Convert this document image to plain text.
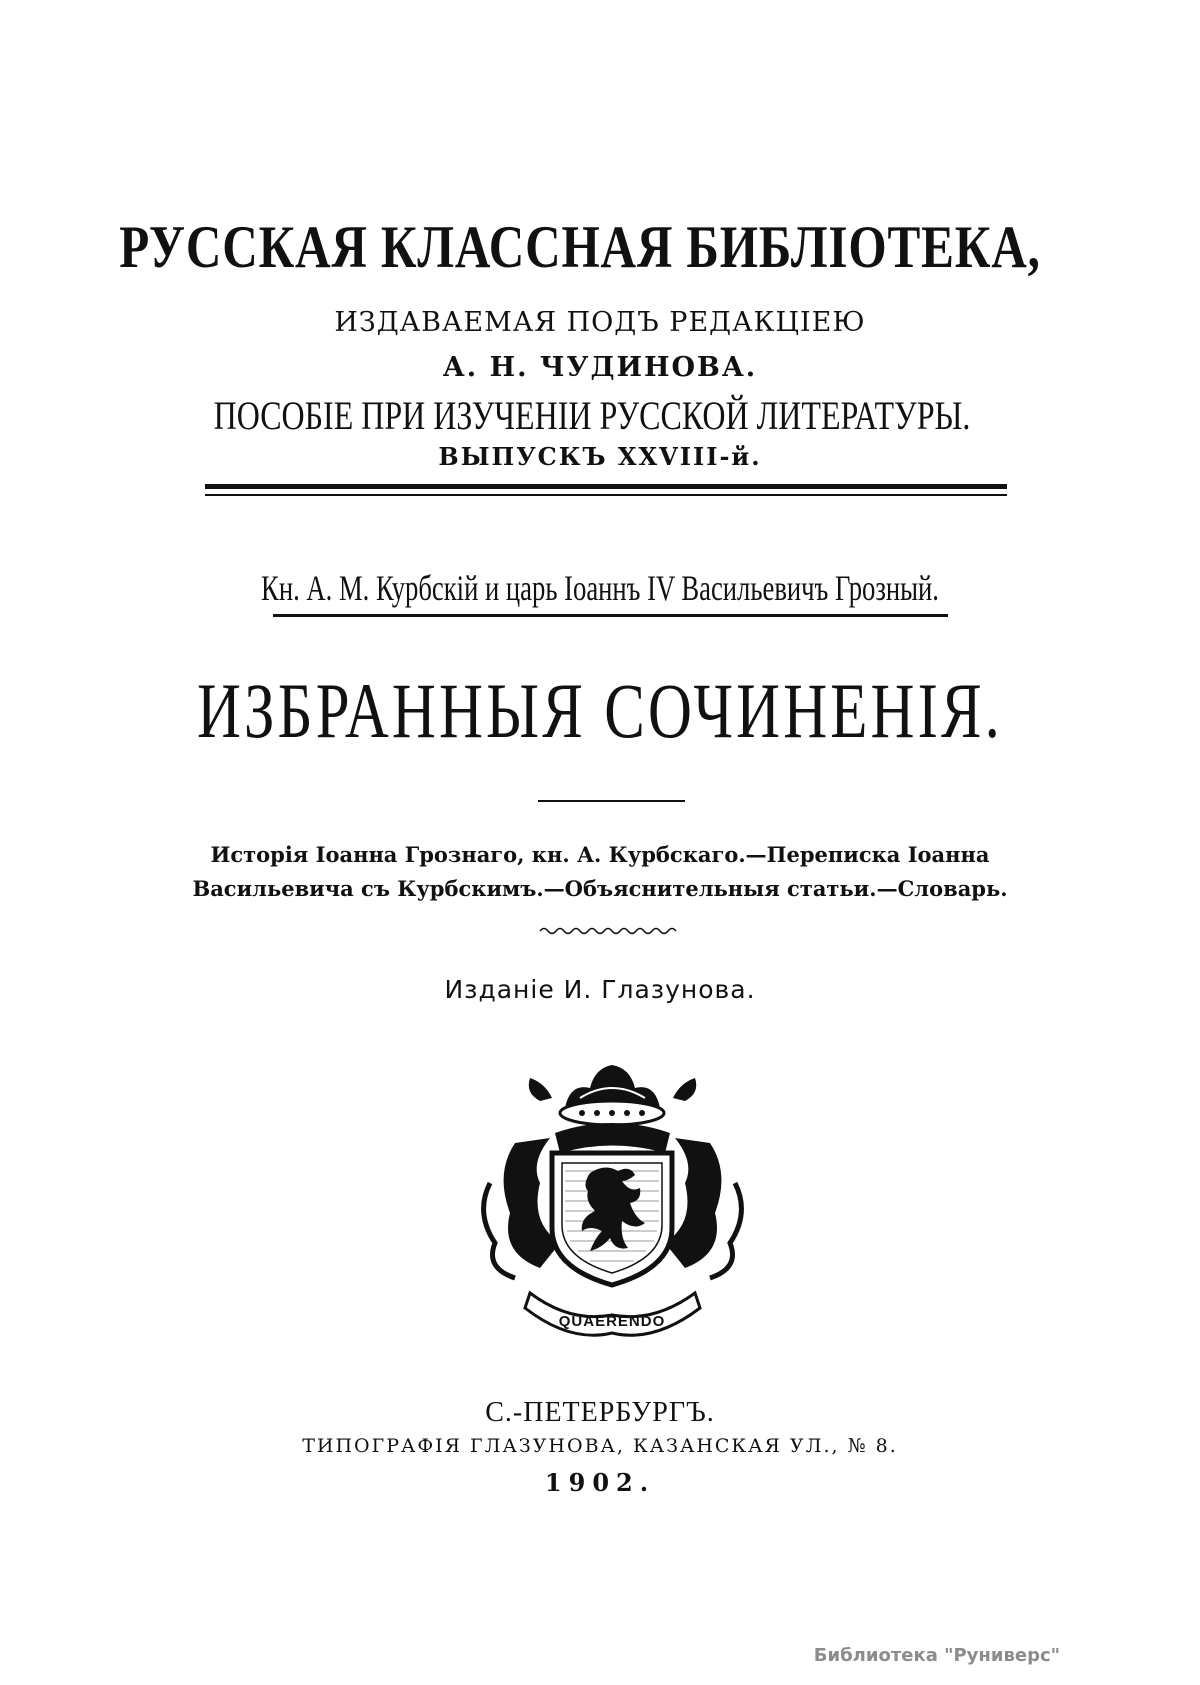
РУССКАЯ КЛАССНАЯ БИБЛІОТЕКА,
ИЗДАВАЕМАЯ ПОДЪ РЕДАКЦІЕЮ
А. Н. ЧУДИНОВА.
ПОСОБІЕ ПРИ ИЗУЧЕНІИ РУССКОЙ ЛИТЕРАТУРЫ.
ВЫПУСКЪ XXVIII-й.
Кн. А. М. Курбскій и царь Іоаннъ IV Васильевичъ Грозный.
ИЗБРАННЫЯ СОЧИНЕНІЯ.
Исторія Іоанна Грознаго, кн. А. Курбскаго.—Переписка Іоанна
Васильевича съ Курбскимъ.—Объяснительныя статьи.—Словарь.
Изданіе И. Глазунова.
QUAERENDO
С.-ПЕТЕРБУРГЪ.
ТИПОГРАФІЯ ГЛАЗУНОВА, КАЗАНСКАЯ УЛ., № 8.
1902.
Библиотека "Руниверс"
